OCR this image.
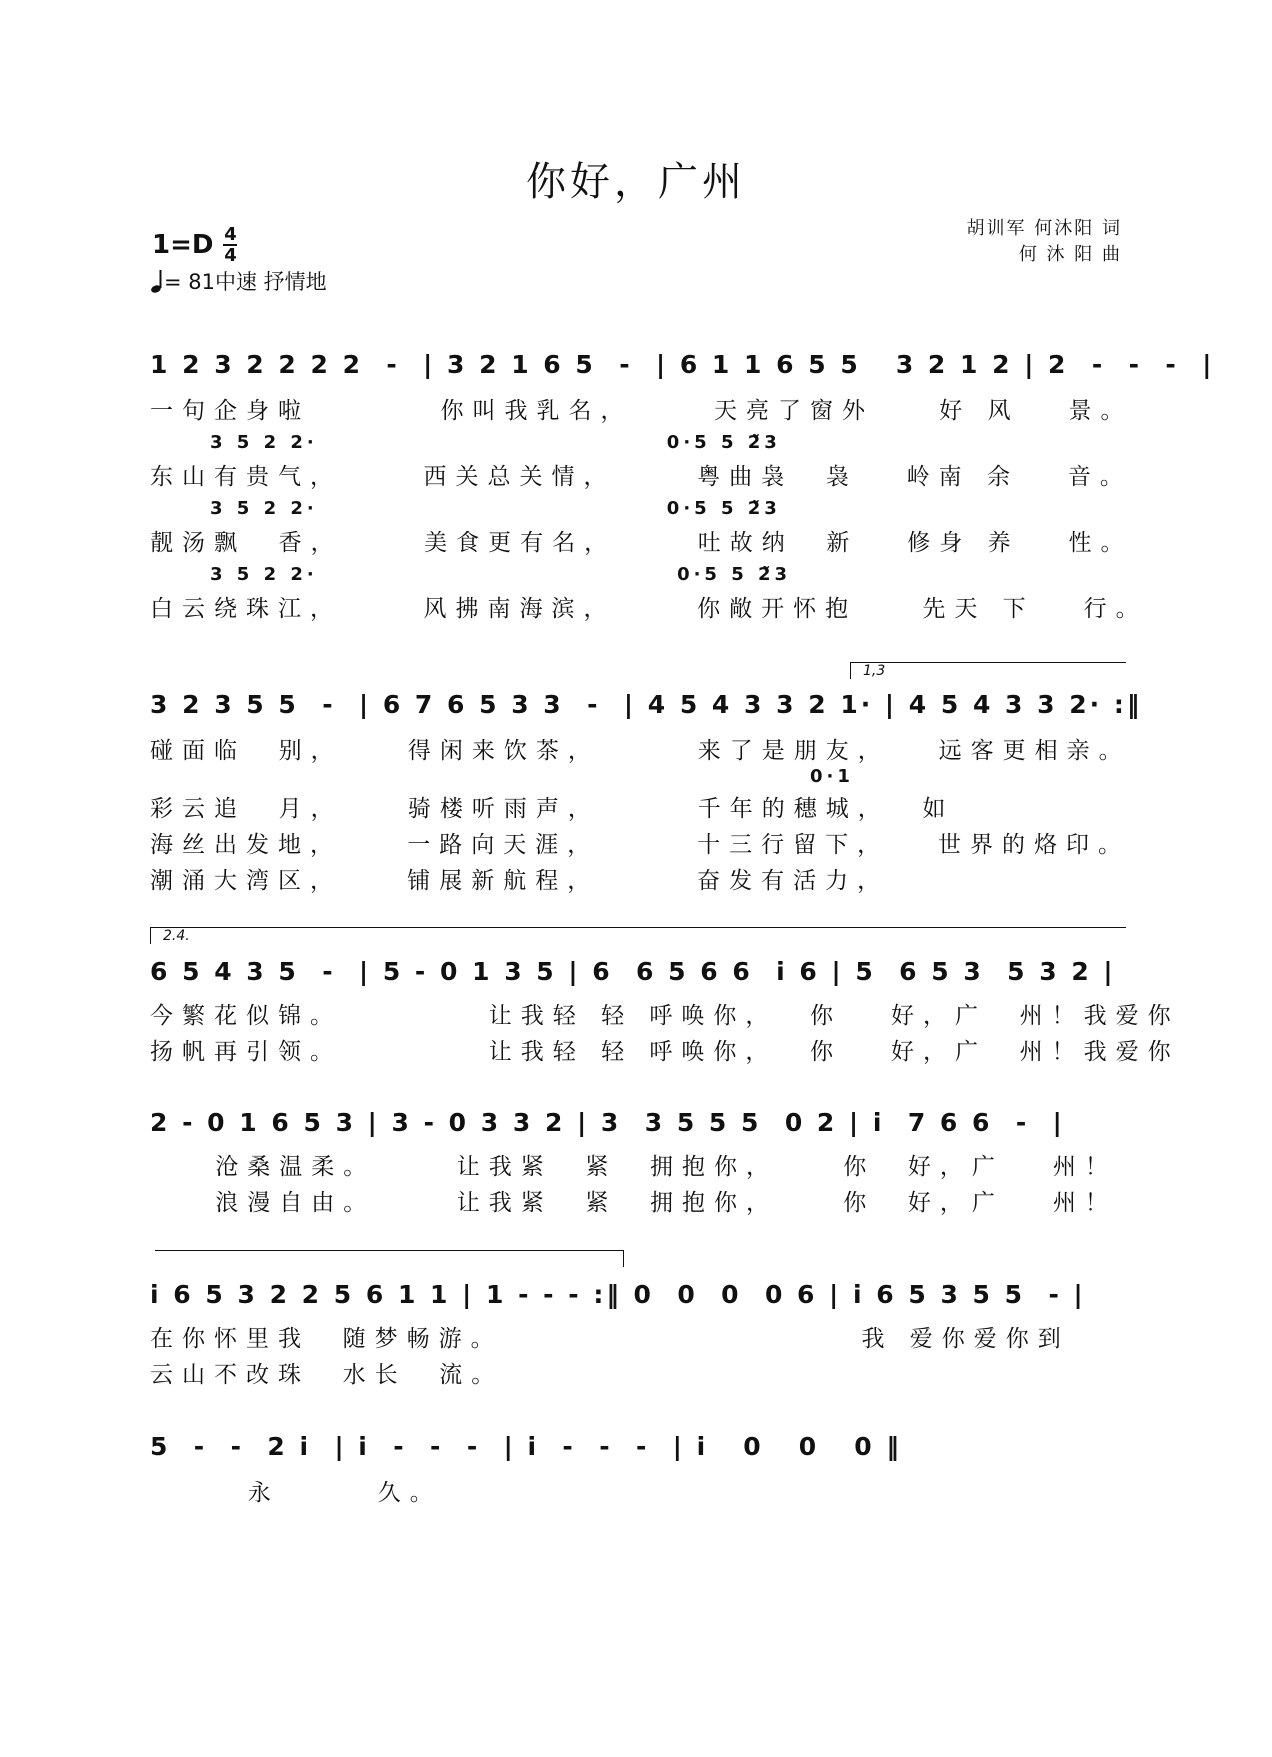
你好，广州
$1=D \frac{4}{4}$
= 81中速 抒情地
胡训军 何沐阳 词
何 沐 阳 曲
1 2 3 2 2 2 2  -  | 3 2 1 6 5  -  | 6 1 1 6 5 5   3 2 1 2 | 2  -  -  -  |
一句企身啦        你叫我乳名，     天亮了窗外    好 风   景。
3 5 2 2·                                  0·5 5 2̃3
东山有贵气，     西关总关情，     粤曲袅  袅   岭南 余   音。
3 5 2 2·                                  0·5 5 2̃3
靓汤飘  香，     美食更有名，     吐故纳  新   修身 养   性。
3 5 2 2·                                   0·5 5 2̃3
白云绕珠江，     风拂南海滨，     你敞开怀抱    先天 下   行。
1,3
3 2 3 5 5  -  | 6 7 6 5 3 3  -  | 4 5 4 3 3 2 1· | 4 5 4 3 3 2· :‖
碰面临  别，    得闲来饮茶，      来了是朋友，   远客更相亲。
0·1
彩云追  月，    骑楼听雨声，      千年的穗城，  如
海丝出发地，    一路向天涯，      十三行留下，   世界的烙印。
潮涌大湾区，    铺展新航程，      奋发有活力，
2.4.
6 5 4 3 5  -  | 5 - 0 1 3 5 | 6  6 5 6 6  i 6 | 5  6 5 3  5 3 2 |
今繁花似锦。         让我轻 轻 呼唤你，  你   好，广  州！我爱你
扬帆再引领。         让我轻 轻 呼唤你，  你   好，广  州！我爱你
2 - 0 1 6 5 3 | 3 - 0 3 3 2 | 3  3 5 5 5  0 2 | i  7 6 6  -  |
沧桑温柔。     让我紧  紧  拥抱你，    你  好，广   州！
浪漫自由。     让我紧  紧  拥抱你，    你  好，广   州！
i 6 5 3 2 2 5 6 1 1 | 1 - - - :‖ 0  0  0  0 6 | i 6 5 3 5 5  - |
在你怀里我  随梦畅游。                      我 爱你爱你到
云山不改珠  水长  流。
5  -  -  2 i  | i  -  -  -  | i  -  -  -  | i   0   0   0 ‖
永      久。
